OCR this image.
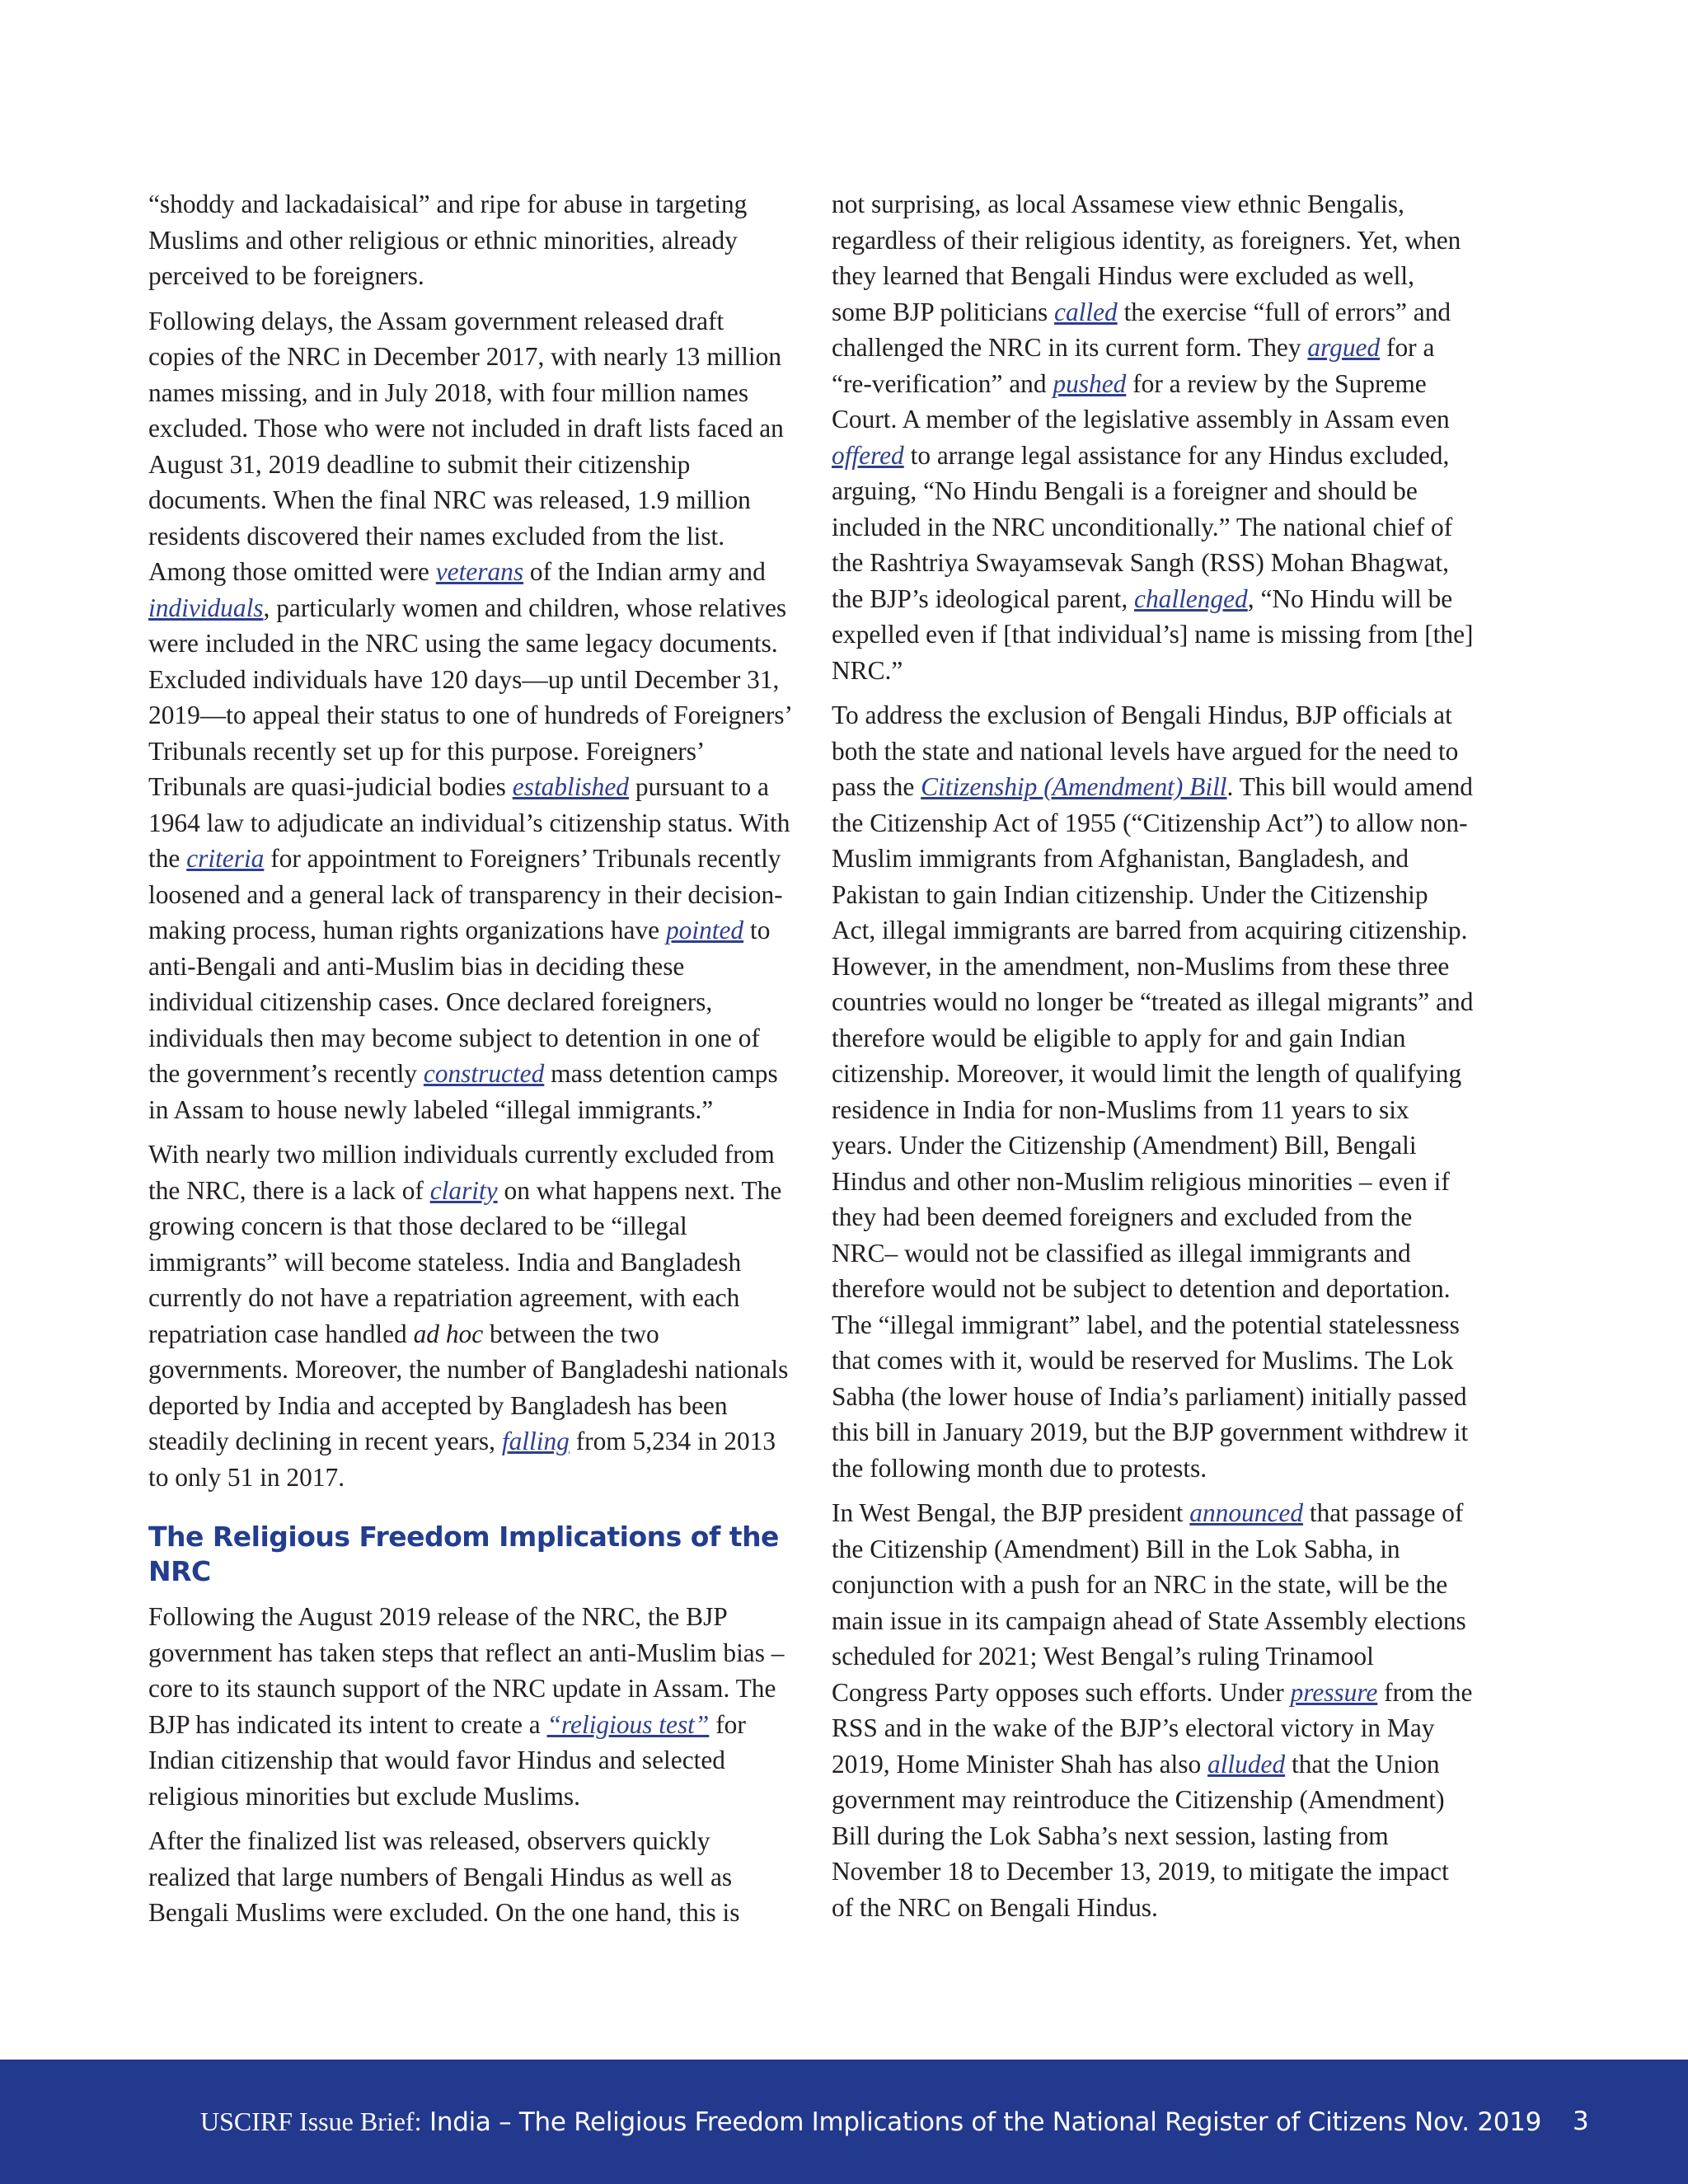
“shoddy and lackadaisical” and ripe for abuse in targeting Muslims and other religious or ethnic minorities, already perceived to be foreigners.

Following delays, the Assam government released draft copies of the NRC in December 2017, with nearly 13 million names missing, and in July 2018, with four million names excluded. Those who were not included in draft lists faced an August 31, 2019 deadline to submit their citizenship documents. When the final NRC was released, 1.9 million residents discovered their names excluded from the list. Among those omitted were veterans of the Indian army and individuals, particularly women and children, whose relatives were included in the NRC using the same legacy documents. Excluded individuals have 120 days—up until December 31, 2019—to appeal their status to one of hundreds of Foreigners’ Tribunals recently set up for this purpose. Foreigners’ Tribunals are quasi-judicial bodies established pursuant to a 1964 law to adjudicate an individual’s citizenship status. With the criteria for appointment to Foreigners’ Tribunals recently loosened and a general lack of transparency in their decision-making process, human rights organizations have pointed to anti-Bengali and anti-Muslim bias in deciding these individual citizenship cases. Once declared foreigners, individuals then may become subject to detention in one of the government’s recently constructed mass detention camps in Assam to house newly labeled “illegal immigrants.”

With nearly two million individuals currently excluded from the NRC, there is a lack of clarity on what happens next. The growing concern is that those declared to be “illegal immigrants” will become stateless. India and Bangladesh currently do not have a repatriation agreement, with each repatriation case handled ad hoc between the two governments. Moreover, the number of Bangladeshi nationals deported by India and accepted by Bangladesh has been steadily declining in recent years, falling from 5,234 in 2013 to only 51 in 2017.

The Religious Freedom Implications of the NRC

Following the August 2019 release of the NRC, the BJP government has taken steps that reflect an anti-Muslim bias – core to its staunch support of the NRC update in Assam. The BJP has indicated its intent to create a “religious test” for Indian citizenship that would favor Hindus and selected religious minorities but exclude Muslims.

After the finalized list was released, observers quickly realized that large numbers of Bengali Hindus as well as Bengali Muslims were excluded. On the one hand, this is

not surprising, as local Assamese view ethnic Bengalis, regardless of their religious identity, as foreigners. Yet, when they learned that Bengali Hindus were excluded as well, some BJP politicians called the exercise “full of errors” and challenged the NRC in its current form. They argued for a “re-verification” and pushed for a review by the Supreme Court. A member of the legislative assembly in Assam even offered to arrange legal assistance for any Hindus excluded, arguing, “No Hindu Bengali is a foreigner and should be included in the NRC unconditionally.” The national chief of the Rashtriya Swayamsevak Sangh (RSS) Mohan Bhagwat, the BJP’s ideological parent, challenged, “No Hindu will be expelled even if [that individual’s] name is missing from [the] NRC.”

To address the exclusion of Bengali Hindus, BJP officials at both the state and national levels have argued for the need to pass the Citizenship (Amendment) Bill. This bill would amend the Citizenship Act of 1955 (“Citizenship Act”) to allow non-Muslim immigrants from Afghanistan, Bangladesh, and Pakistan to gain Indian citizenship. Under the Citizenship Act, illegal immigrants are barred from acquiring citizenship. However, in the amendment, non-Muslims from these three countries would no longer be “treated as illegal migrants” and therefore would be eligible to apply for and gain Indian citizenship. Moreover, it would limit the length of qualifying residence in India for non-Muslims from 11 years to six years. Under the Citizenship (Amendment) Bill, Bengali Hindus and other non-Muslim religious minorities – even if they had been deemed foreigners and excluded from the NRC– would not be classified as illegal immigrants and therefore would not be subject to detention and deportation. The “illegal immigrant” label, and the potential statelessness that comes with it, would be reserved for Muslims. The Lok Sabha (the lower house of India’s parliament) initially passed this bill in January 2019, but the BJP government withdrew it the following month due to protests.

In West Bengal, the BJP president announced that passage of the Citizenship (Amendment) Bill in the Lok Sabha, in conjunction with a push for an NRC in the state, will be the main issue in its campaign ahead of State Assembly elections scheduled for 2021; West Bengal’s ruling Trinamool Congress Party opposes such efforts. Under pressure from the RSS and in the wake of the BJP’s electoral victory in May 2019, Home Minister Shah has also alluded that the Union government may reintroduce the Citizenship (Amendment) Bill during the Lok Sabha’s next session, lasting from November 18 to December 13, 2019, to mitigate the impact of the NRC on Bengali Hindus.

USCIRF Issue Brief: India – The Religious Freedom Implications of the National Register of Citizens Nov. 2019 3
